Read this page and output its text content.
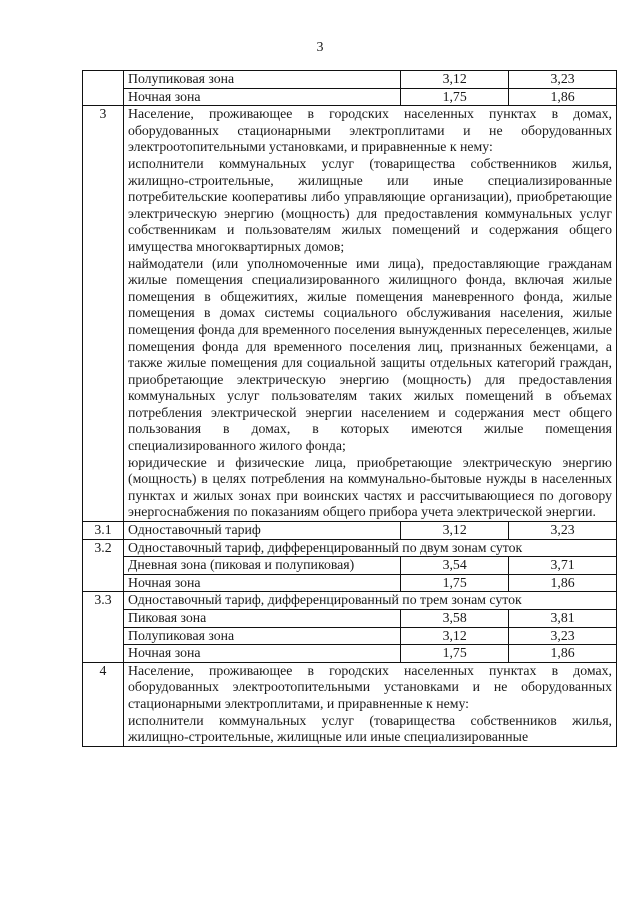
3
	Полупиковая зона	3,12	3,23
	Ночная зона	1,75	1,86
3	Население, проживающее в городских населенных пунктах в домах, оборудованных стационарными электроплитами и не оборудованных электроотопительными установками, и приравненные к нему:

исполнители коммунальных услуг (товарищества собственников жилья, жилищно-строительные, жилищные или иные специализированные потребительские кооперативы либо управляющие организации), приобретающие электрическую энергию (мощность) для предоставления коммунальных услуг собственникам и пользователям жилых помещений и содержания общего имущества многоквартирных домов;

наймодатели (или уполномоченные ими лица), предоставляющие гражданам жилые помещения специализированного жилищного фонда, включая жилые помещения в общежитиях, жилые помещения маневренного фонда, жилые помещения в домах системы социального обслуживания населения, жилые помещения фонда для временного поселения вынужденных переселенцев, жилые помещения фонда для временного поселения лиц, признанных беженцами, а также жилые помещения для социальной защиты отдельных категорий граждан, приобретающие электрическую энергию (мощность) для предоставления коммунальных услуг пользователям таких жилых помещений в объемах потребления электрической энергии населением и содержания мест общего пользования в домах, в которых имеются жилые помещения специализированного жилого фонда;

юридические и физические лица, приобретающие электрическую энергию (мощность) в целях потребления на коммунально-бытовые нужды в населенных пунктах и жилых зонах при воинских частях и рассчитывающиеся по договору энергоснабжения по показаниям общего прибора учета электрической энергии.		

3.1	Одноставочный тариф	3,12	3,23
3.2	Одноставочный тариф, дифференцированный по двум зонам суток		
	Дневная зона (пиковая и полупиковая)	3,54	3,71
	Ночная зона	1,75	1,86
3.3	Одноставочный тариф, дифференцированный по трем зонам суток		
	Пиковая зона	3,58	3,81
	Полупиковая зона	3,12	3,23
	Ночная зона	1,75	1,86
4	Население, проживающее в городских населенных пунктах в домах, оборудованных электроотопительными установками и не оборудованных стационарными электроплитами, и приравненные к нему:

исполнители коммунальных услуг (товарищества собственников жилья, жилищно-строительные, жилищные или иные специализированные		
